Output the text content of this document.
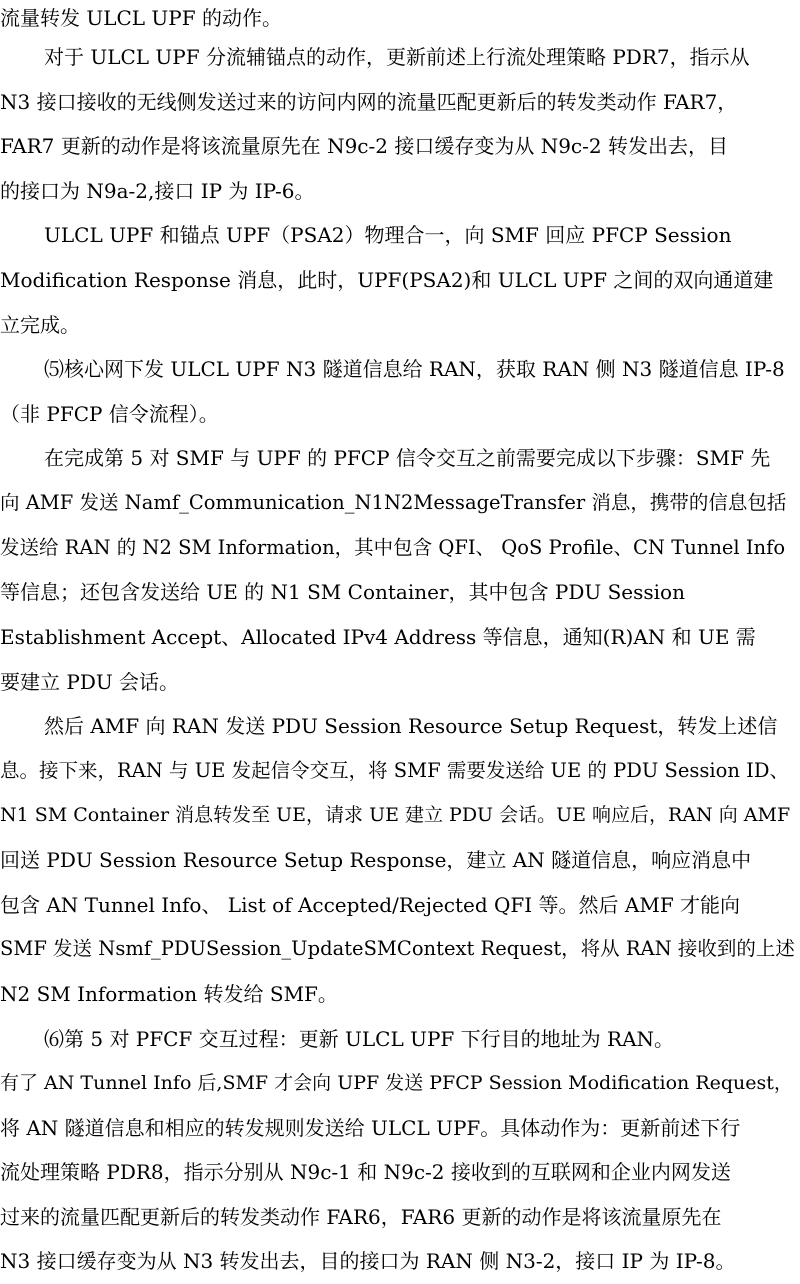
流量转发 ULCL UPF 的动作。
对于 ULCL UPF 分流辅锚点的动作，更新前述上行流处理策略 PDR7，指示从
N3 接口接收的无线侧发送过来的访问内网的流量匹配更新后的转发类动作 FAR7，
FAR7 更新的动作是将该流量原先在 N9c-2 接口缓存变为从 N9c-2 转发出去，目
的接口为 N9a-2,接口 IP 为 IP-6。
ULCL UPF 和锚点 UPF（PSA2）物理合一，向 SMF 回应 PFCP Session
Modification Response 消息，此时，UPF(PSA2)和 ULCL UPF 之间的双向通道建
立完成。
⑸核心网下发 ULCL UPF N3 隧道信息给 RAN，获取 RAN 侧 N3 隧道信息 IP-8
（非 PFCP 信令流程）。
在完成第 5 对 SMF 与 UPF 的 PFCP 信令交互之前需要完成以下步骤：SMF 先
向 AMF 发送 Namf_Communication_N1N2MessageTransfer 消息，携带的信息包括
发送给 RAN 的 N2 SM Information，其中包含 QFI、 QoS Profile、CN Tunnel Info
等信息；还包含发送给 UE 的 N1 SM Container，其中包含 PDU Session
Establishment Accept、Allocated IPv4 Address 等信息，通知(R)AN 和 UE 需
要建立 PDU 会话。
然后 AMF 向 RAN 发送 PDU Session Resource Setup Request，转发上述信
息。接下来，RAN 与 UE 发起信令交互，将 SMF 需要发送给 UE 的 PDU Session ID、
N1 SM Container 消息转发至 UE，请求 UE 建立 PDU 会话。UE 响应后，RAN 向 AMF
回送 PDU Session Resource Setup Response，建立 AN 隧道信息，响应消息中
包含 AN Tunnel Info、 List of Accepted/Rejected QFI 等。然后 AMF 才能向
SMF 发送 Nsmf_PDUSession_UpdateSMContext Request，将从 RAN 接收到的上述
N2 SM Information 转发给 SMF。
⑹第 5 对 PFCF 交互过程：更新 ULCL UPF 下行目的地址为 RAN。
有了 AN Tunnel Info 后,SMF 才会向 UPF 发送 PFCP Session Modification Request，
将 AN 隧道信息和相应的转发规则发送给 ULCL UPF。具体动作为：更新前述下行
流处理策略 PDR8，指示分别从 N9c-1 和 N9c-2 接收到的互联网和企业内网发送
过来的流量匹配更新后的转发类动作 FAR6，FAR6 更新的动作是将该流量原先在
N3 接口缓存变为从 N3 转发出去，目的接口为 RAN 侧 N3-2，接口 IP 为 IP-8。
